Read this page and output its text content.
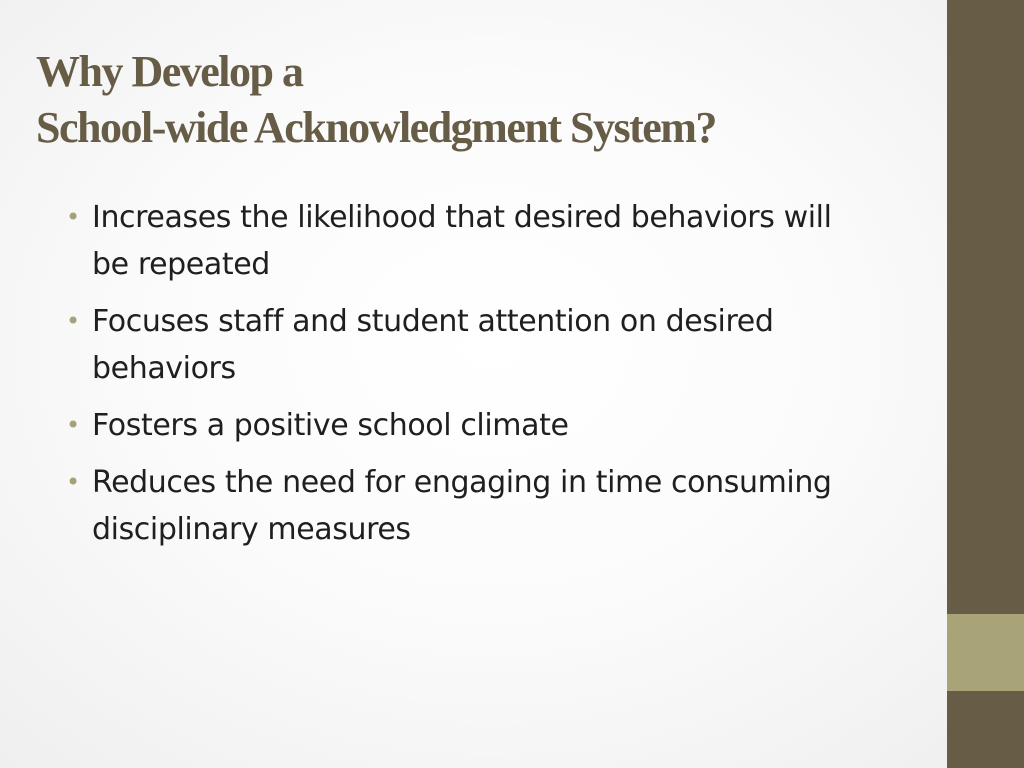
Why Develop a
School-wide Acknowledgment System?
• Increases the likelihood that desired behaviors will be repeated
• Focuses staff and student attention on desired behaviors
• Fosters a positive school climate
• Reduces the need for engaging in time consuming disciplinary measures
